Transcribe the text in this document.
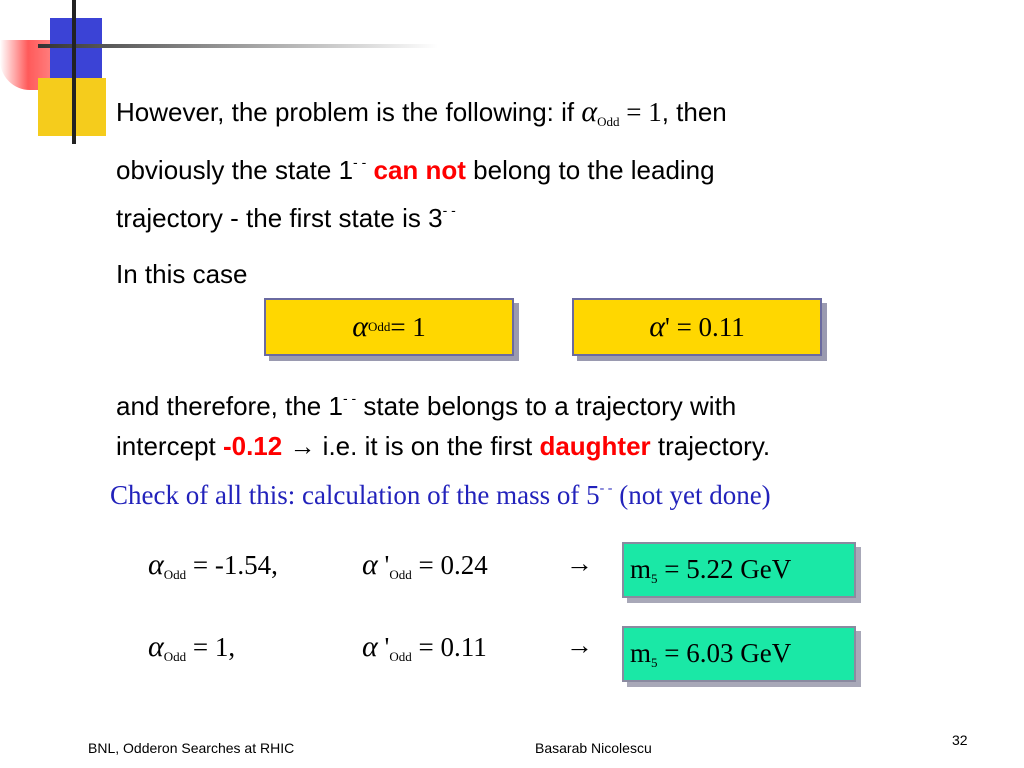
However, the problem is the following: if $\alpha_{Odd} = 1$, then
obviously the state 1- - can not belong to the leading
trajectory - the first state is 3- -
In this case
α Odd = 1	α ' = 0.11
and therefore, the 1- - state belongs to a trajectory with
intercept -0.12 → i.e. it is on the first daughter trajectory.
Check of all this: calculation of the mass of 5- - (not yet done)
$\alpha_{Odd} = -1.54$,	α '$_{Odd} = 0.24$	→ $m_5 = 5.22$ GeV
$\alpha_{Odd} = 1$,	α '$_{Odd} = 0.11$	→ $m_5 = 6.03$ GeV
BNL, Odderon Searches at RHIC	Basarab Nicolescu	32
